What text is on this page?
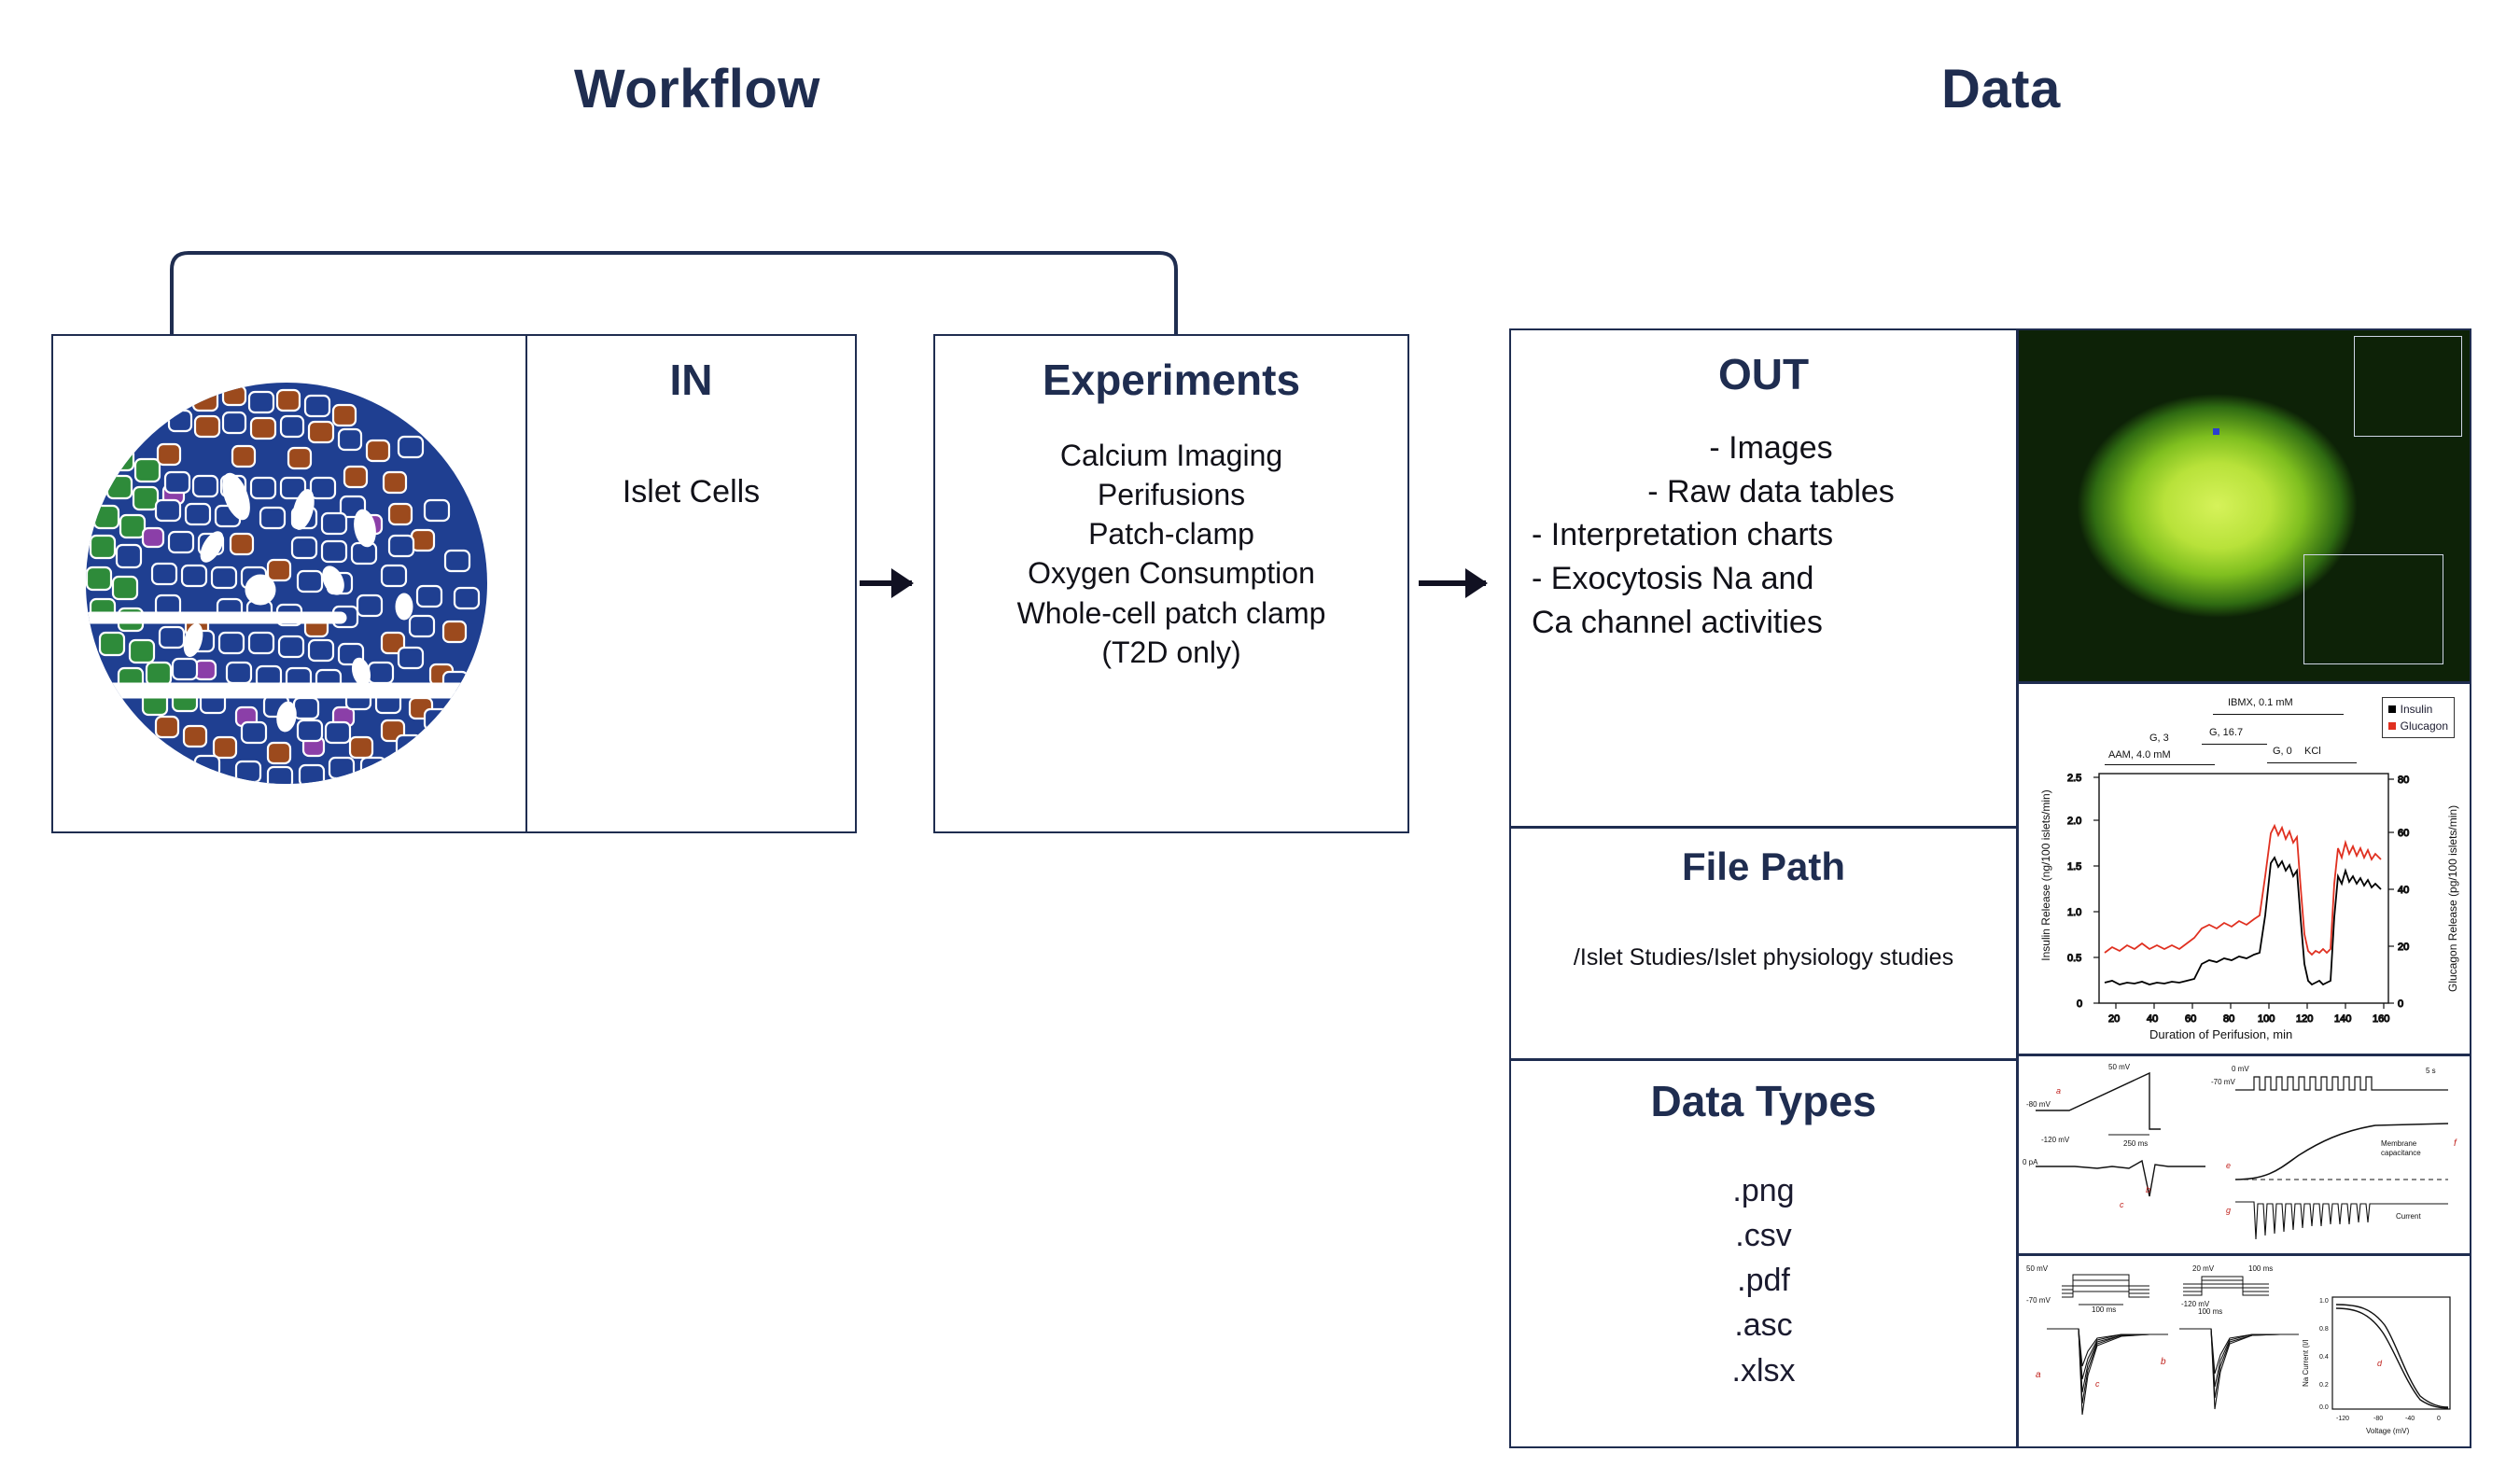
Workflow	Data
IN
Islet Cells
Experiments
Calcium Imaging
Perifusions
Patch-clamp
Oxygen Consumption
Whole-cell patch clamp
(T2D only)
OUT
- Images
- Raw data tables
- Interpretation charts
- Exocytosis Na and
Ca channel activities
File Path
/Islet Studies/Islet physiology studies
Data Types
.png
.csv
.pdf
.asc
.xlsx
Insulin
Glucagon
IBMX, 0.1 mM
G, 3	G, 16.7
AAM, 4.0 mM	G, 0 KCl
Insulin Release (ng/100 islets/min)	Glucagon Release (pg/100 islets/min)
Duration of Perifusion, min
0
0.5
1.0
1.5
2.0
2.5
0
20
40
60
80
20	40	60	80 100 120 140 160
-80 mV
50 mV
-120 mV	250 ms
0 pA
a
b
c
0 mV
-70 mV
5 s
Membrane
capacitance
e
f
Current
g
50 mV
-70 mV
100 ms
a
b
c
20 mV
-120 mV
100 ms
100 ms
1.0
0.8
0.4
0.2
0.0
-120	-80	-40	0
Na Current (I/I
Voltage (mV)
d
